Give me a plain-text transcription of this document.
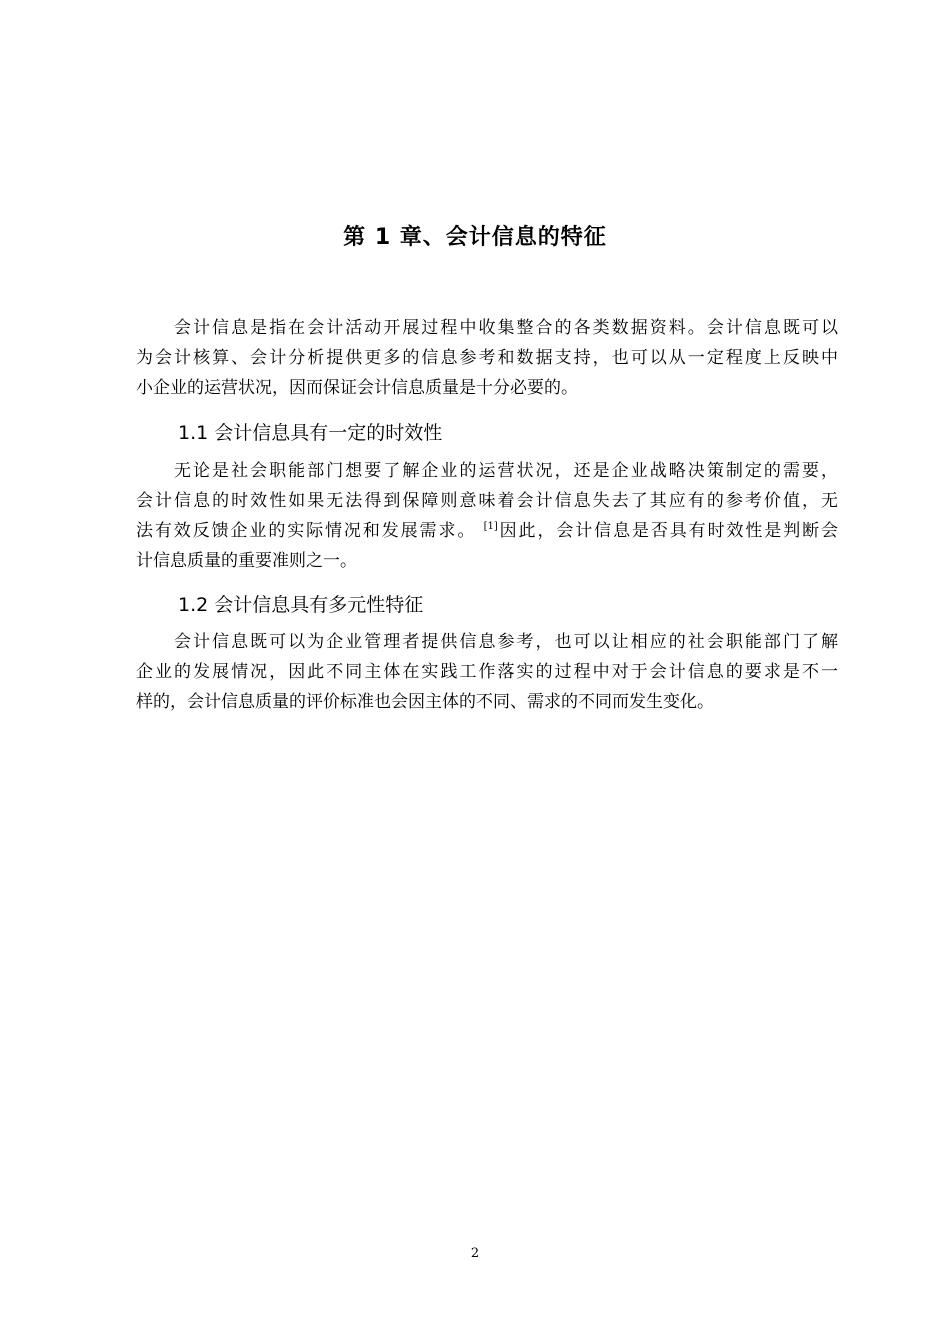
第 1 章、会计信息的特征
会计信息是指在会计活动开展过程中收集整合的各类数据资料。会计信息既可以
为会计核算、会计分析提供更多的信息参考和数据支持，也可以从一定程度上反映中
小企业的运营状况，因而保证会计信息质量是十分必要的。
1.1 会计信息具有一定的时效性
无论是社会职能部门想要了解企业的运营状况，还是企业战略决策制定的需要，
会计信息的时效性如果无法得到保障则意味着会计信息失去了其应有的参考价值，无
法有效反馈企业的实际情况和发展需求。 [1]因此，会计信息是否具有时效性是判断会
计信息质量的重要准则之一。
1.2 会计信息具有多元性特征
会计信息既可以为企业管理者提供信息参考，也可以让相应的社会职能部门了解
企业的发展情况，因此不同主体在实践工作落实的过程中对于会计信息的要求是不一
样的，会计信息质量的评价标准也会因主体的不同、需求的不同而发生变化。
2
